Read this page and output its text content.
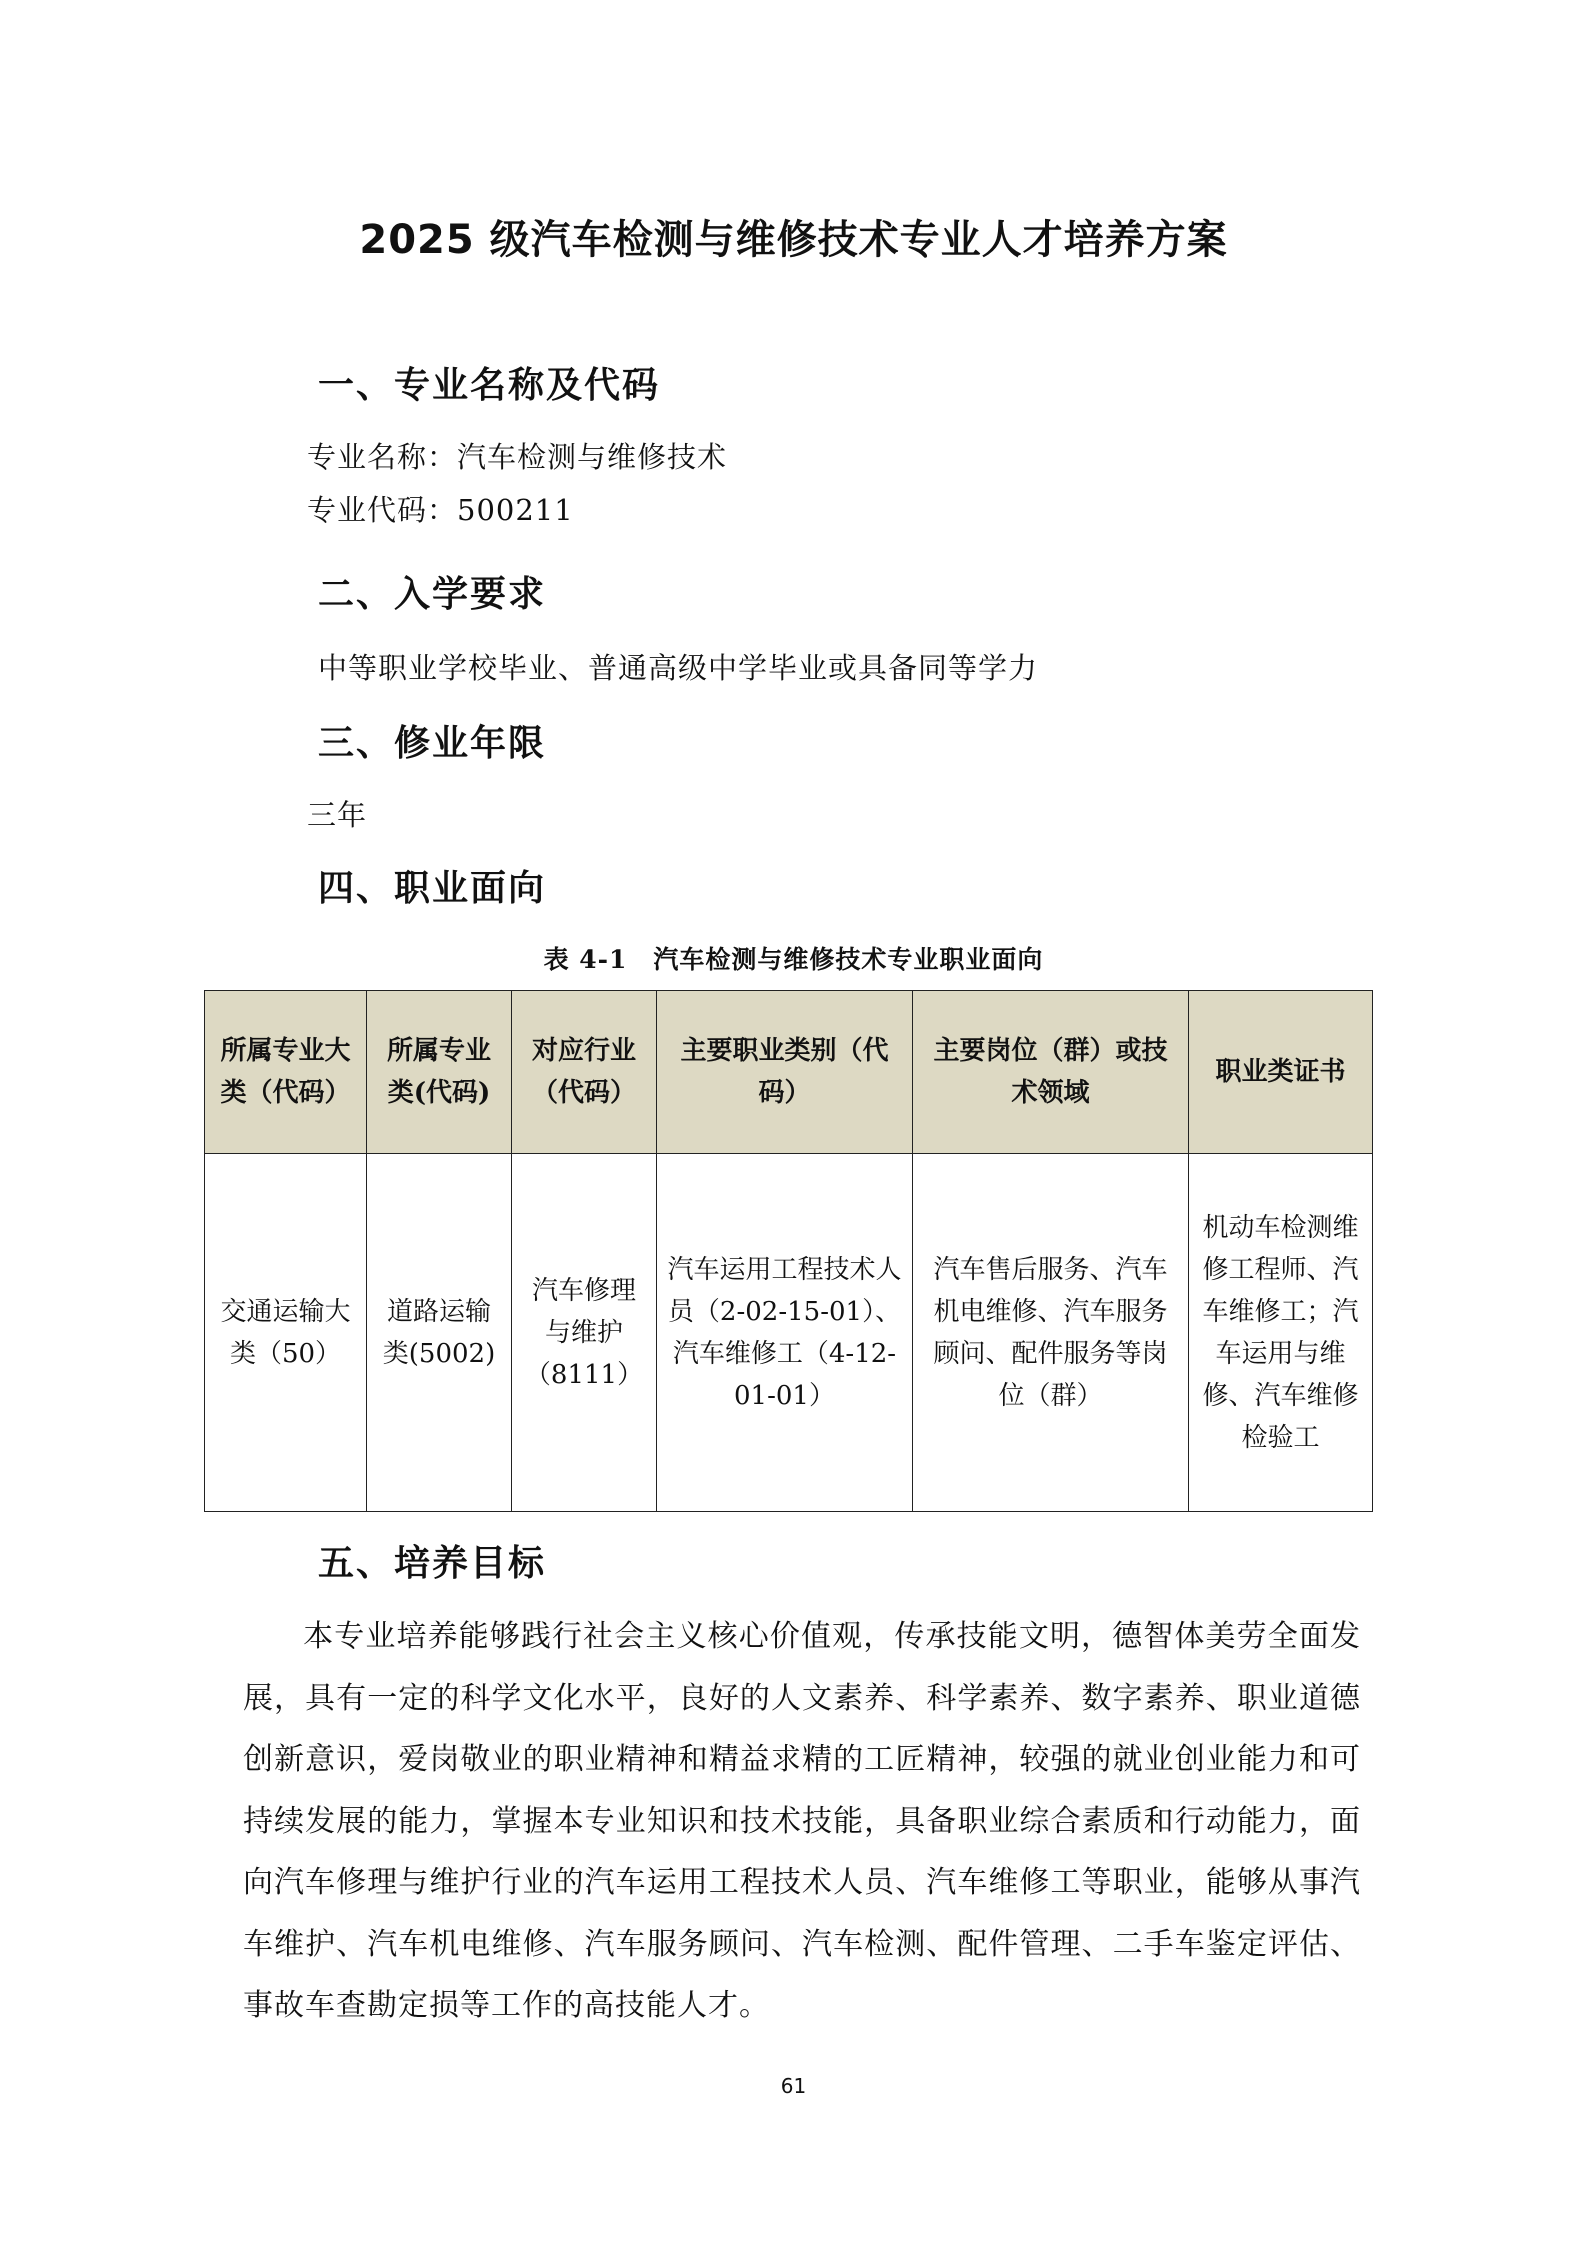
2025 级汽车检测与维修技术专业人才培养方案
一、专业名称及代码
专业名称：汽车检测与维修技术
专业代码：500211
二、入学要求
中等职业学校毕业、普通高级中学毕业或具备同等学力
三、修业年限
三年
四、职业面向
表 4-1　汽车检测与维修技术专业职业面向
所属专业大类（代码）	所属专业类(代码)	对应行业（代码）	主要职业类别（代码）	主要岗位（群）或技术领域	职业类证书
交通运输大类（50）	道路运输类(5002)	汽车修理与维护（8111）	汽车运用工程技术人员（2-02-15-01）、汽车维修工（4-12-01-01）	汽车售后服务、汽车机电维修、汽车服务顾问、配件服务等岗位（群）	机动车检测维修工程师、汽车维修工；汽车运用与维修、汽车维修检验工
五、培养目标
本专业培养能够践行社会主义核心价值观，传承技能文明，德智体美劳全面发展，具有一定的科学文化水平，良好的人文素养、科学素养、数字素养、职业道德创新意识，爱岗敬业的职业精神和精益求精的工匠精神，较强的就业创业能力和可持续发展的能力，掌握本专业知识和技术技能，具备职业综合素质和行动能力，面向汽车修理与维护行业的汽车运用工程技术人员、汽车维修工等职业，能够从事汽车维护、汽车机电维修、汽车服务顾问、汽车检测、配件管理、二手车鉴定评估、事故车查勘定损等工作的高技能人才。
61
